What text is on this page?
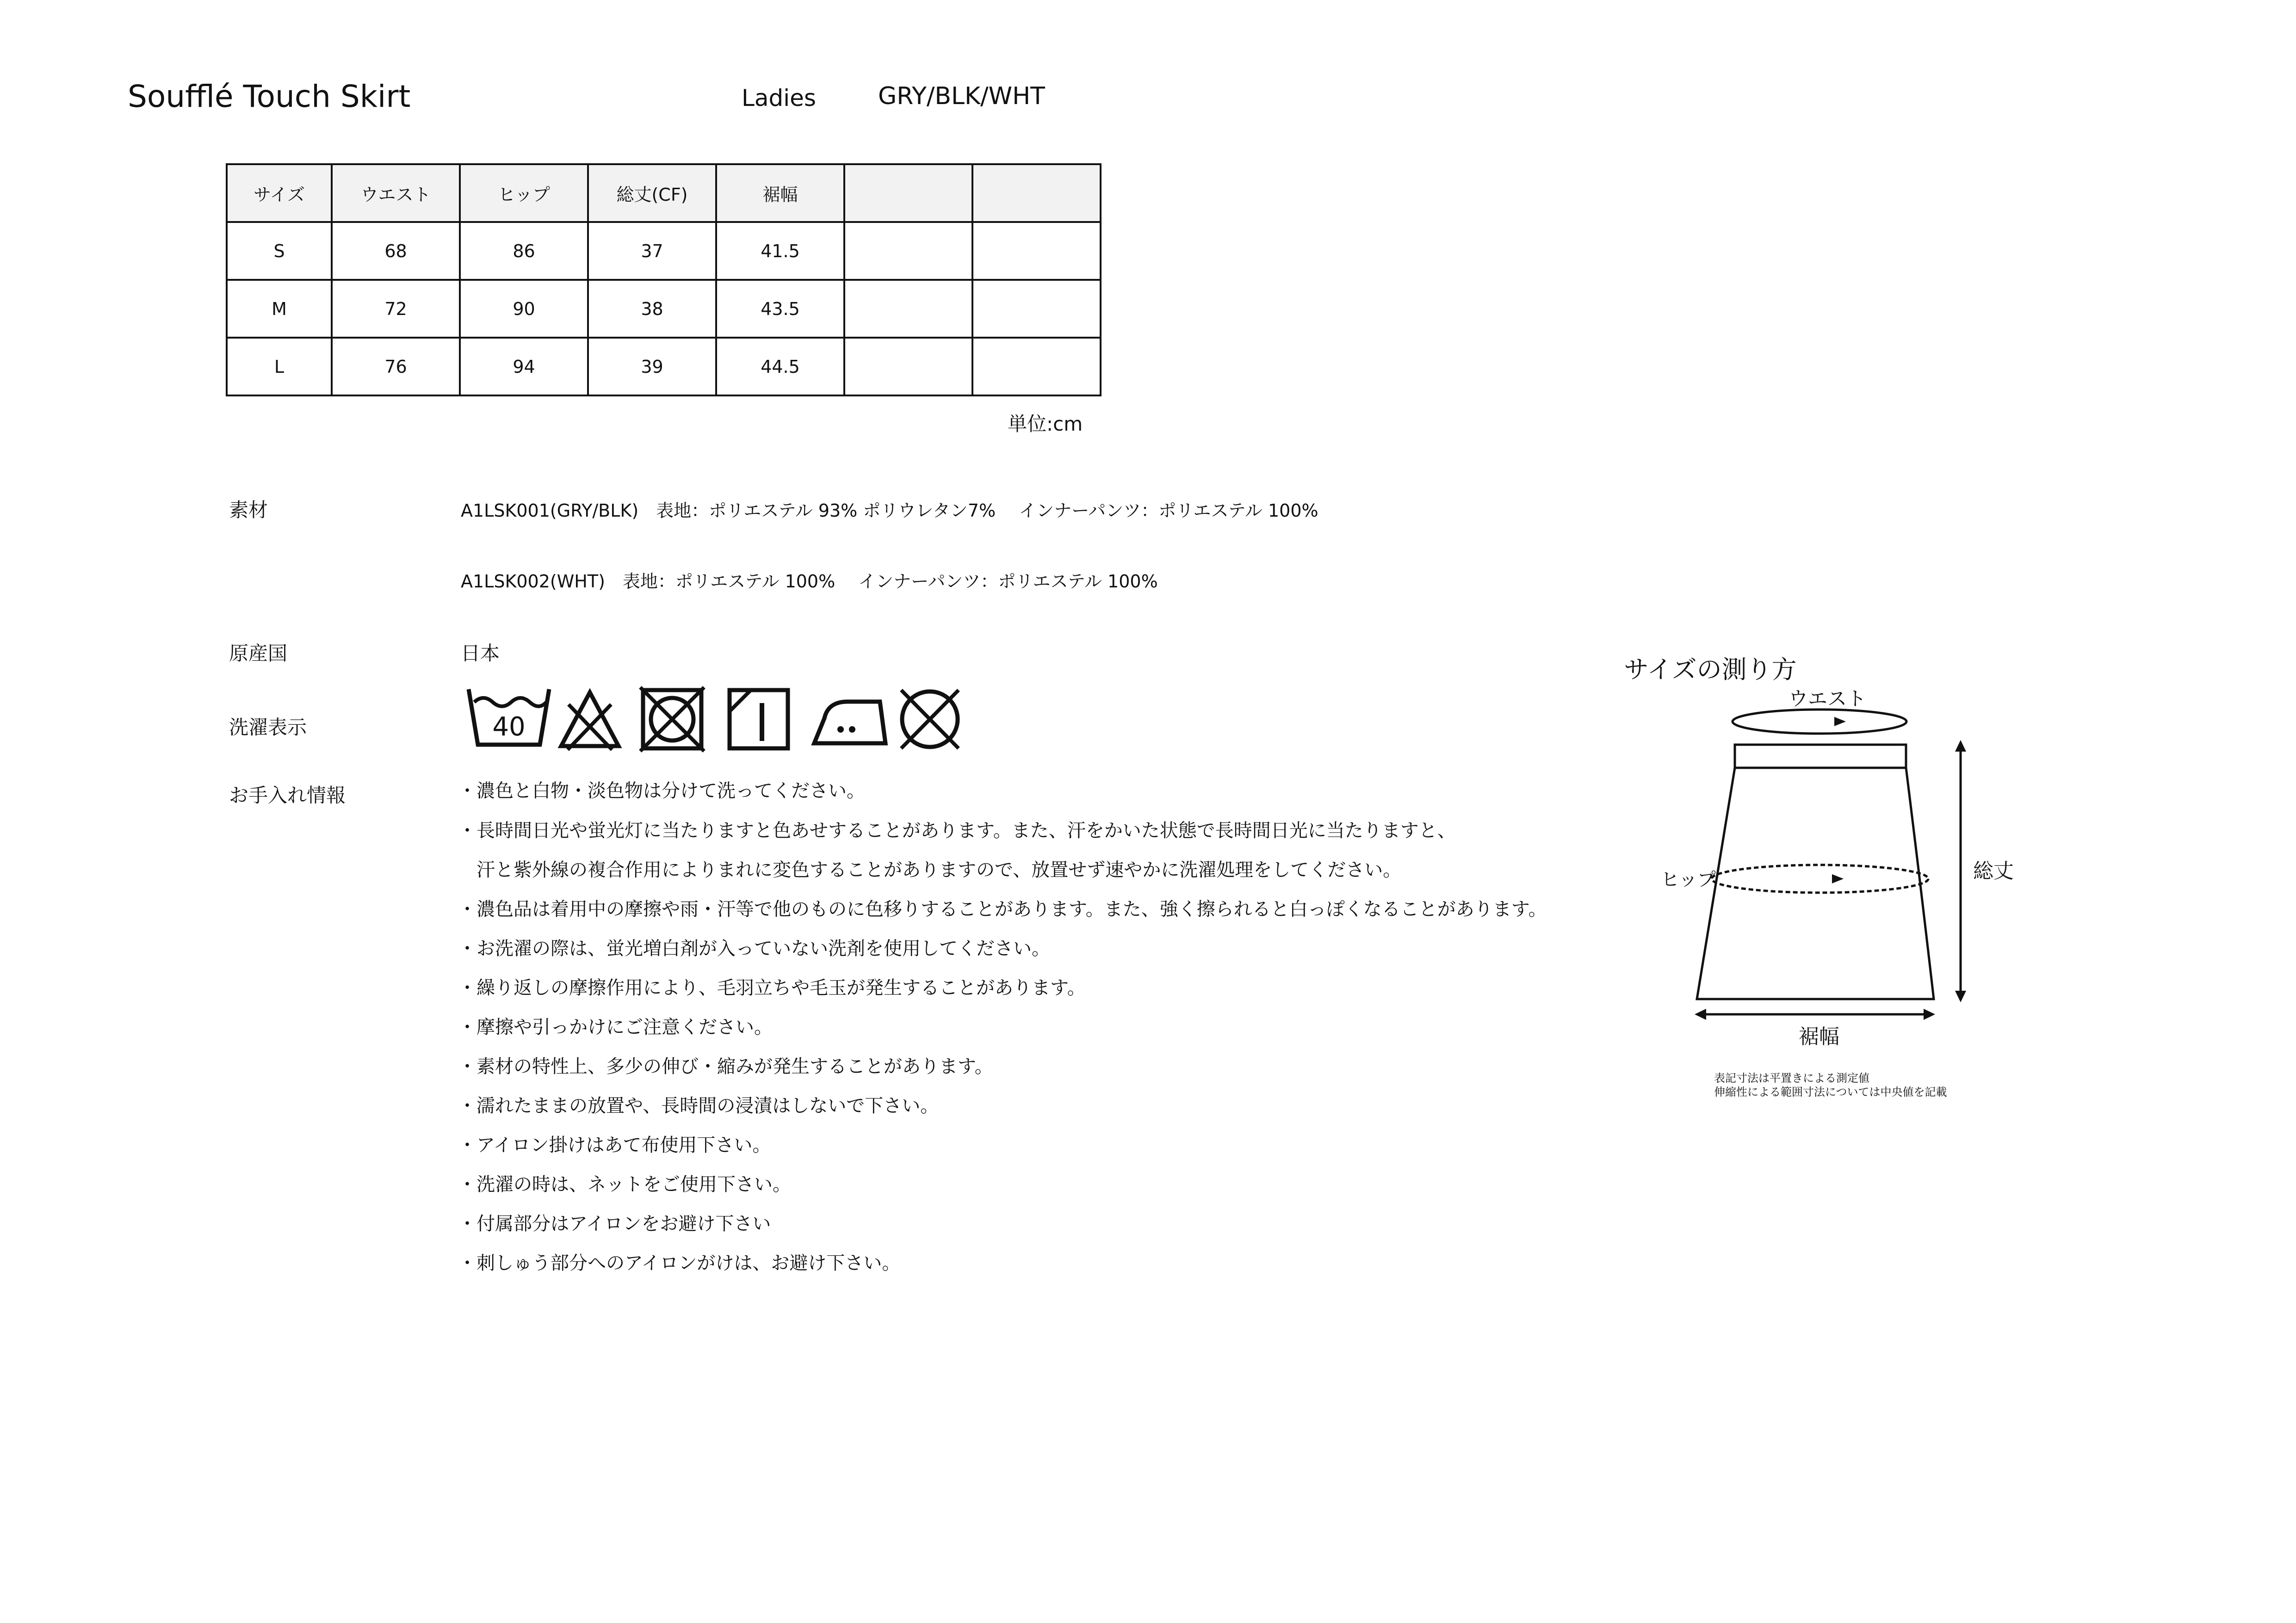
Soufflé Touch Skirt	Ladies	GRY/BLK/WHT
サイズ	ウエスト	ヒップ	総丈(CF)	裾幅		
S	68	86	37	41.5		
M	72	90	38	43.5		
L	76	94	39	44.5		
単位:cm
素材	A1LSK001(GRY/BLK)　表地：ポリエステル 93% ポリウレタン7%　 インナーパンツ：ポリエステル 100%
A1LSK002(WHT)　表地：ポリエステル 100%　 インナーパンツ：ポリエステル 100%
原産国	日本
洗濯表示	40
お手入れ情報	・濃色と白物・淡色物は分けて洗ってください。
・長時間日光や蛍光灯に当たりますと色あせすることがあります。また、汗をかいた状態で長時間日光に当たりますと、
　汗と紫外線の複合作用によりまれに変色することがありますので、放置せず速やかに洗濯処理をしてください。
・濃色品は着用中の摩擦や雨・汗等で他のものに色移りすることがあります。また、強く擦られると白っぽくなることがあります。
・お洗濯の際は、蛍光増白剤が入っていない洗剤を使用してください。
・繰り返しの摩擦作用により、毛羽立ちや毛玉が発生することがあります。
・摩擦や引っかけにご注意ください。
・素材の特性上、多少の伸び・縮みが発生することがあります。
・濡れたままの放置や、長時間の浸漬はしないで下さい。
・アイロン掛けはあて布使用下さい。
・洗濯の時は、ネットをご使用下さい。
・付属部分はアイロンをお避け下さい
・刺しゅう部分へのアイロンがけは、お避け下さい。
サイズの測り方
ウエスト
ヒップ	総丈
裾幅
表記寸法は平置きによる測定値
伸縮性による範囲寸法については中央値を記載
